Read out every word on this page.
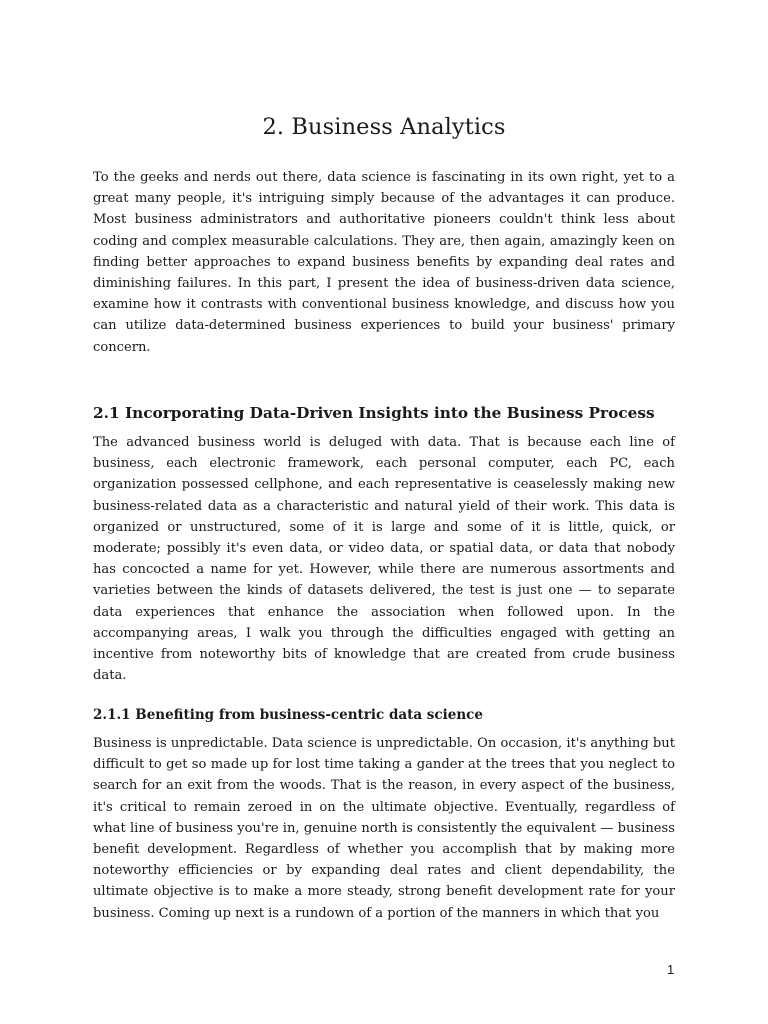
2. Business Analytics

To the geeks and nerds out there, data science is fascinating in its own right, yet to a great many people, it's intriguing simply because of the advantages it can produce. Most business administrators and authoritative pioneers couldn't think less about coding and complex measurable calculations. They are, then again, amazingly keen on finding better approaches to expand business benefits by expanding deal rates and diminishing failures. In this part, I present the idea of business-driven data science, examine how it contrasts with conventional business knowledge, and discuss how you can utilize data-determined business experiences to build your business' primary concern.

2.1 Incorporating Data-Driven Insights into the Business Process

The advanced business world is deluged with data. That is because each line of business, each electronic framework, each personal computer, each PC, each organization possessed cellphone, and each representative is ceaselessly making new business-related data as a characteristic and natural yield of their work. This data is organized or unstructured, some of it is large and some of it is little, quick, or moderate; possibly it's even data, or video data, or spatial data, or data that nobody has concocted a name for yet. However, while there are numerous assortments and varieties between the kinds of datasets delivered, the test is just one — to separate data experiences that enhance the association when followed upon. In the accompanying areas, I walk you through the difficulties engaged with getting an incentive from noteworthy bits of knowledge that are created from crude business data.

2.1.1 Benefiting from business-centric data science

Business is unpredictable. Data science is unpredictable. On occasion, it's anything but difficult to get so made up for lost time taking a gander at the trees that you neglect to search for an exit from the woods. That is the reason, in every aspect of the business, it's critical to remain zeroed in on the ultimate objective. Eventually, regardless of what line of business you're in, genuine north is consistently the equivalent — business benefit development. Regardless of whether you accomplish that by making more noteworthy efficiencies or by expanding deal rates and client dependability, the ultimate objective is to make a more steady, strong benefit development rate for your business. Coming up next is a rundown of a portion of the manners in which that you

1
